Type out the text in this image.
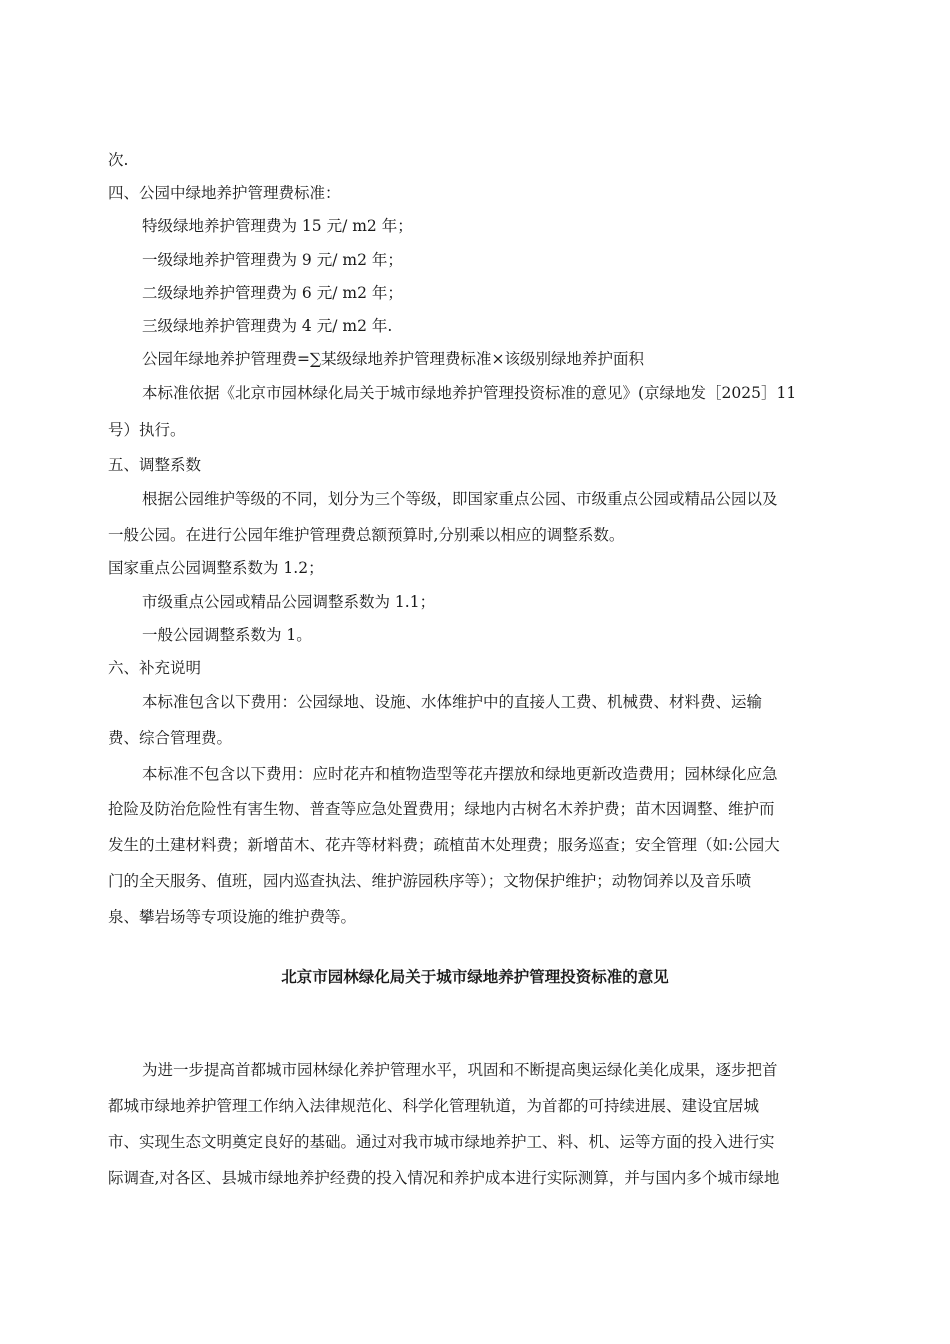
次.
四、公园中绿地养护管理费标准：
特级绿地养护管理费为 15 元/ m2 年；
一级绿地养护管理费为 9 元/ m2 年；
二级绿地养护管理费为 6 元/ m2 年；
三级绿地养护管理费为 4 元/ m2 年.
公园年绿地养护管理费=∑某级绿地养护管理费标准×该级别绿地养护面积
本标准依据《北京市园林绿化局关于城市绿地养护管理投资标准的意见》(京绿地发［2025］11
号）执行。
五、调整系数
根据公园维护等级的不同，划分为三个等级，即国家重点公园、市级重点公园或精品公园以及
一般公园。在进行公园年维护管理费总额预算时,分别乘以相应的调整系数。
国家重点公园调整系数为 1.2；
市级重点公园或精品公园调整系数为 1.1；
一般公园调整系数为 1。
六、补充说明
本标准包含以下费用：公园绿地、设施、水体维护中的直接人工费、机械费、材料费、运输
费、综合管理费。
本标准不包含以下费用：应时花卉和植物造型等花卉摆放和绿地更新改造费用；园林绿化应急
抢险及防治危险性有害生物、普查等应急处置费用；绿地内古树名木养护费；苗木因调整、维护而
发生的土建材料费；新增苗木、花卉等材料费；疏植苗木处理费；服务巡查；安全管理（如:公园大
门的全天服务、值班，园内巡查执法、维护游园秩序等）；文物保护维护；动物饲养以及音乐喷
泉、攀岩场等专项设施的维护费等。
北京市园林绿化局关于城市绿地养护管理投资标准的意见
为进一步提高首都城市园林绿化养护管理水平，巩固和不断提高奥运绿化美化成果，逐步把首
都城市绿地养护管理工作纳入法律规范化、科学化管理轨道，为首都的可持续进展、建设宜居城
市、实现生态文明奠定良好的基础。通过对我市城市绿地养护工、料、机、运等方面的投入进行实
际调查,对各区、县城市绿地养护经费的投入情况和养护成本进行实际测算，并与国内多个城市绿地
